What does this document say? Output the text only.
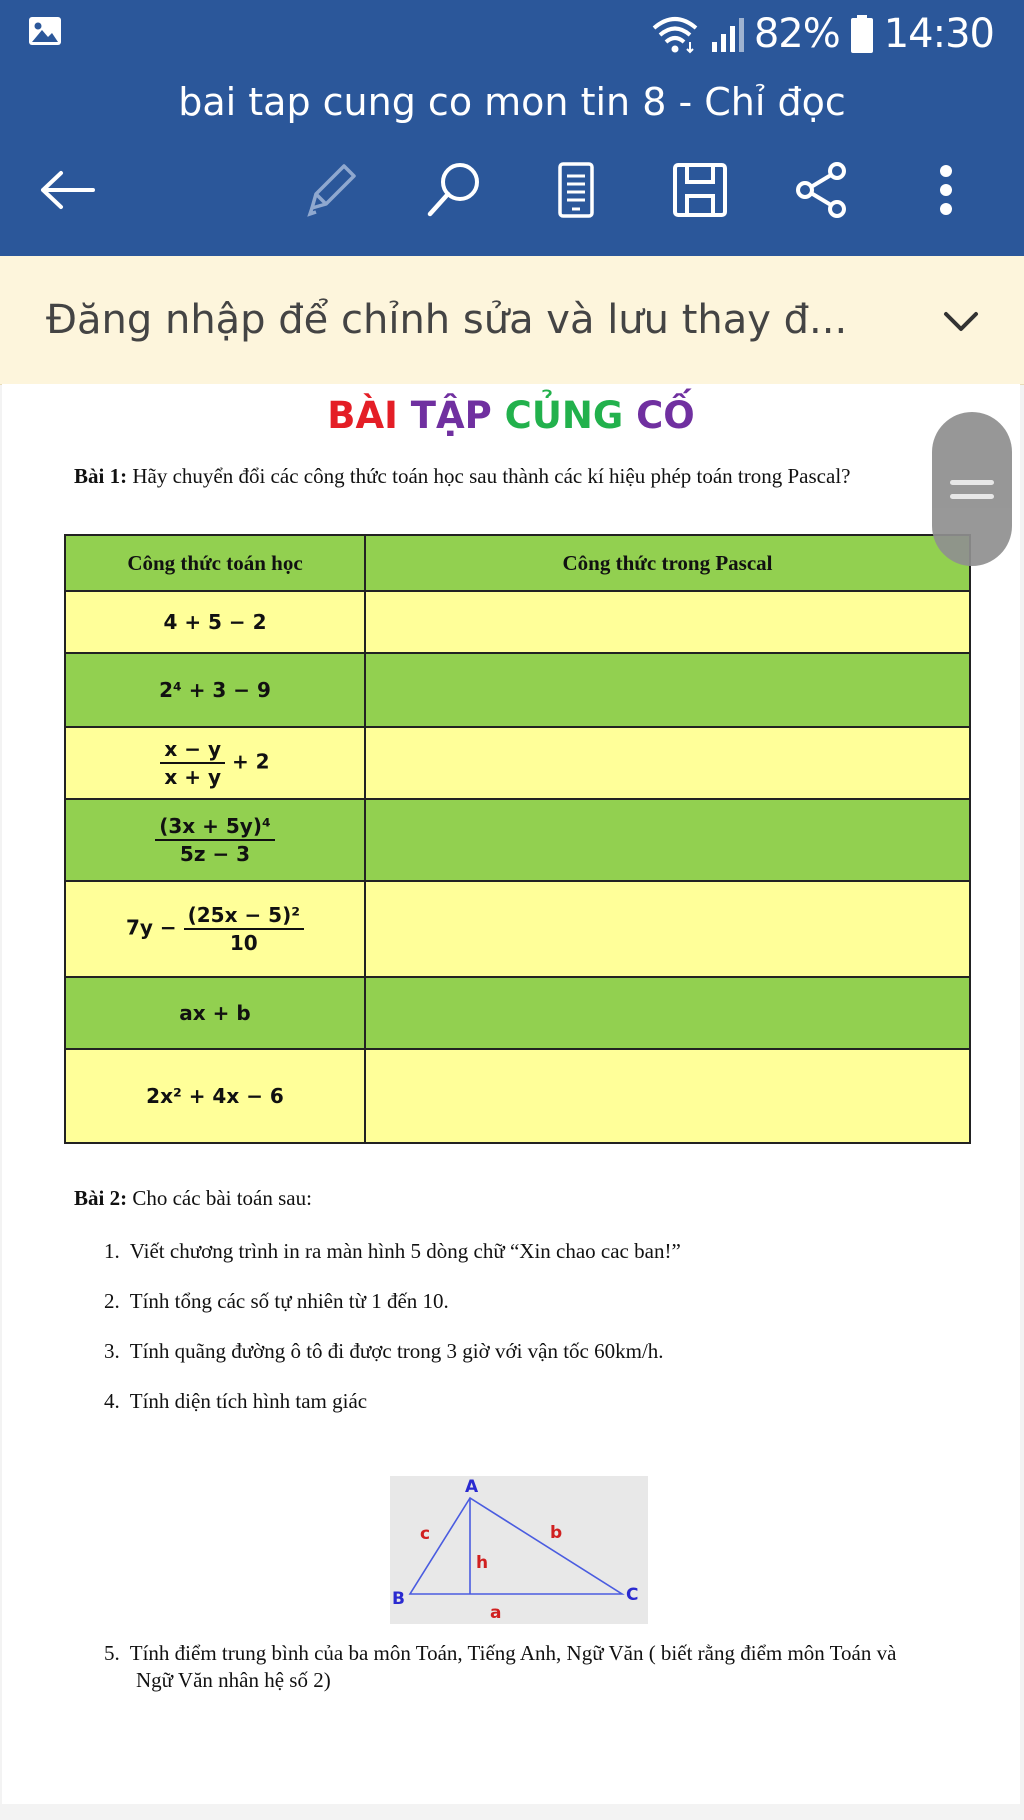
82% 14:30
bai tap cung co mon tin 8 - Chỉ đọc
Đăng nhập để chỉnh sửa và lưu thay đ...
BÀI TẬP CỦNG CỐ
Bài 1: Hãy chuyển đổi các công thức toán học sau thành các kí hiệu phép toán trong Pascal?
Công thức toán học	Công thức trong Pascal
4 + 5 − 2	
2⁴ + 3 − 9	

$\frac{x - y}{x + y} + 2$	

$\frac{\text{(3x + 5y)⁴}}{5z - 3}$

$7y - \frac{\text{(25x − 5)²}}{10}$

ax + b	
2x² + 4x − 6	
Bài 2: Cho các bài toán sau:
1. Viết chương trình in ra màn hình 5 dòng chữ “Xin chao cac ban!”
2. Tính tổng các số tự nhiên từ 1 đến 10.
3. Tính quãng đường ô tô đi được trong 3 giờ với vận tốc 60km/h.
4. Tính diện tích hình tam giác
A
B	C
c	b
h
a
5. Tính điểm trung bình của ba môn Toán, Tiếng Anh, Ngữ Văn ( biết rằng điểm môn Toán và
Ngữ Văn nhân hệ số 2)
